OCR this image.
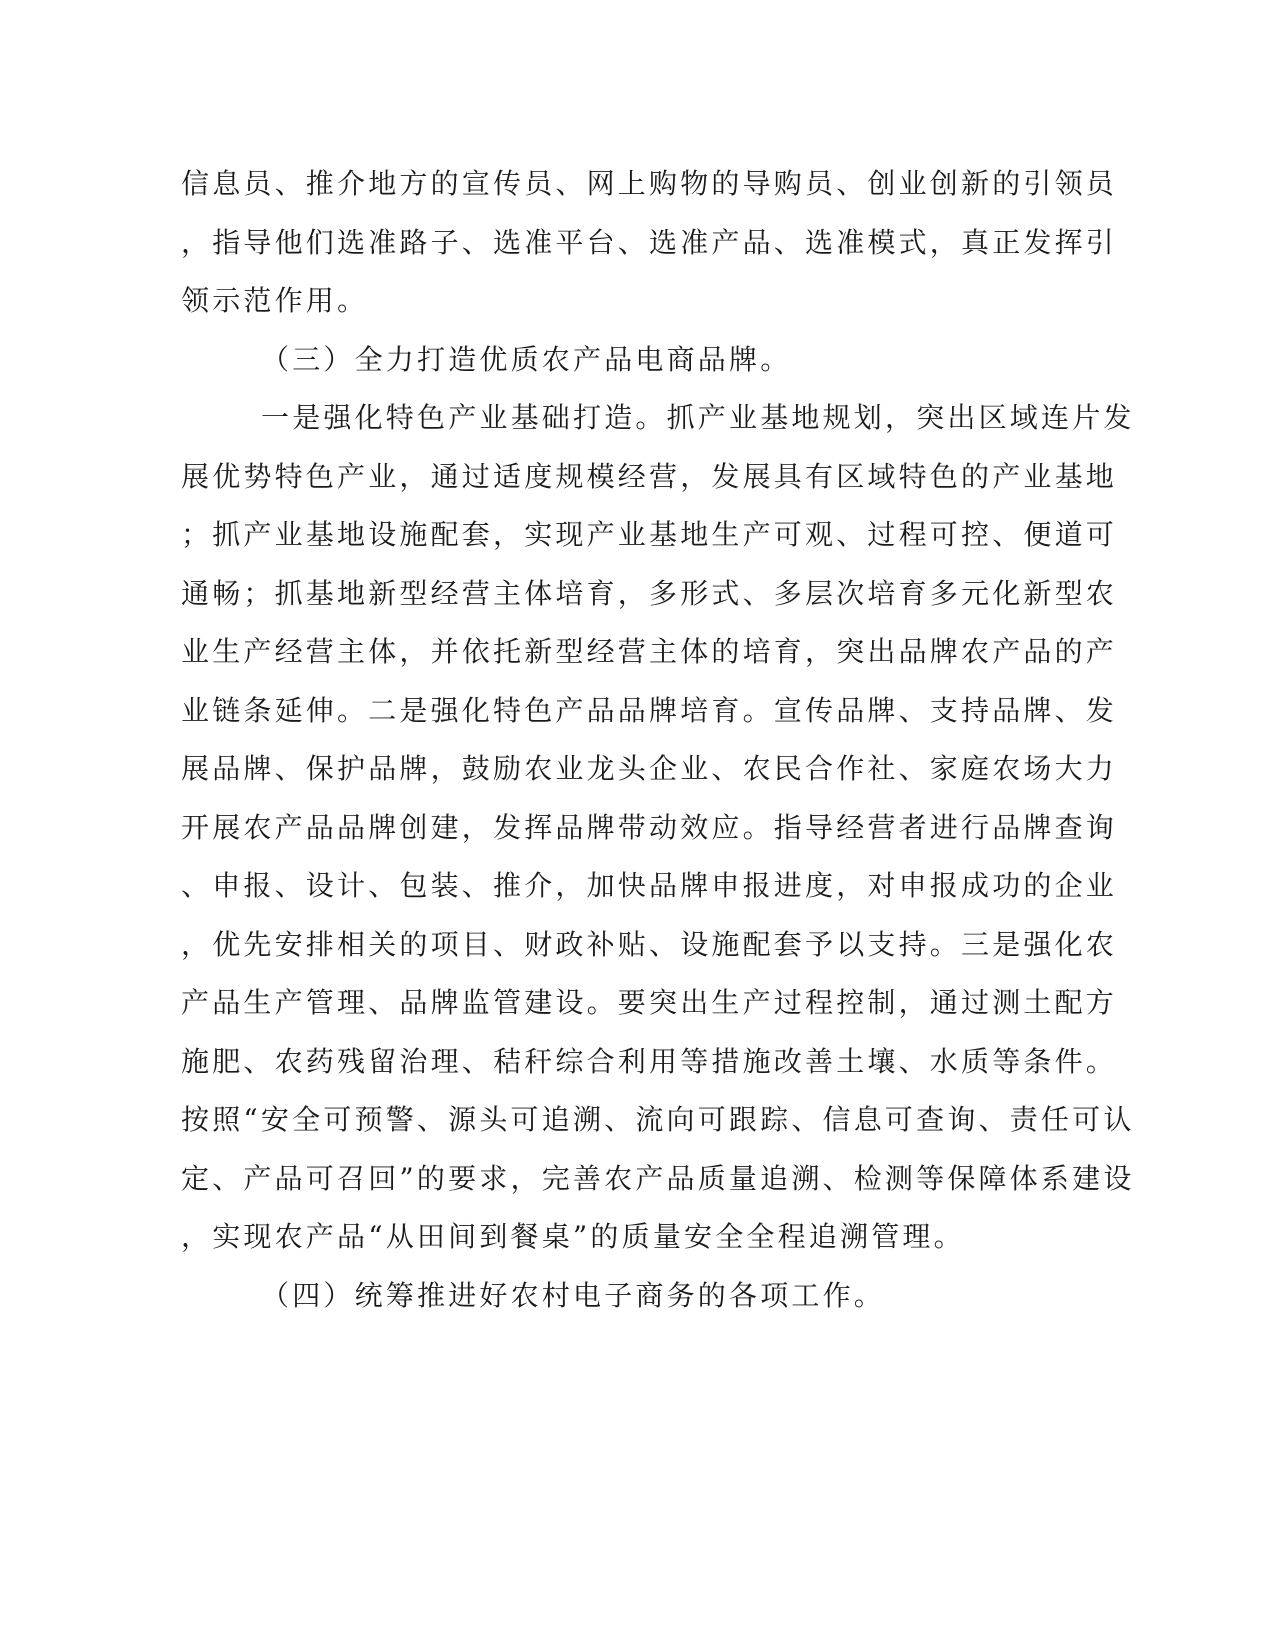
信息员、推介地方的宣传员、网上购物的导购员、创业创新的引领员
，指导他们选准路子、选准平台、选准产品、选准模式，真正发挥引
领示范作用。
（三）全力打造优质农产品电商品牌。
一是强化特色产业基础打造。抓产业基地规划，突出区域连片发
展优势特色产业，通过适度规模经营，发展具有区域特色的产业基地
；抓产业基地设施配套，实现产业基地生产可观、过程可控、便道可
通畅；抓基地新型经营主体培育，多形式、多层次培育多元化新型农
业生产经营主体，并依托新型经营主体的培育，突出品牌农产品的产
业链条延伸。二是强化特色产品品牌培育。宣传品牌、支持品牌、发
展品牌、保护品牌，鼓励农业龙头企业、农民合作社、家庭农场大力
开展农产品品牌创建，发挥品牌带动效应。指导经营者进行品牌查询
、申报、设计、包装、推介，加快品牌申报进度，对申报成功的企业
，优先安排相关的项目、财政补贴、设施配套予以支持。三是强化农
产品生产管理、品牌监管建设。要突出生产过程控制，通过测土配方
施肥、农药残留治理、秸秆综合利用等措施改善土壤、水质等条件。
按照“安全可预警、源头可追溯、流向可跟踪、信息可查询、责任可认
定、产品可召回”的要求，完善农产品质量追溯、检测等保障体系建设
，实现农产品“从田间到餐桌”的质量安全全程追溯管理。
（四）统筹推进好农村电子商务的各项工作。
